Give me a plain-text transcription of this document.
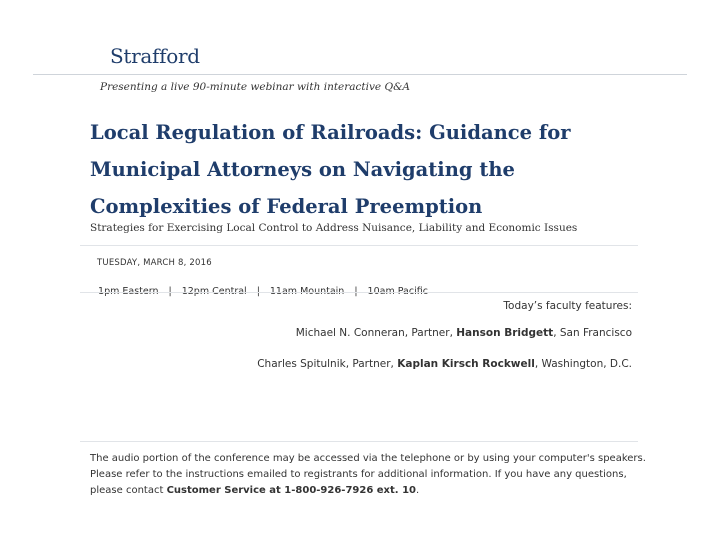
Strafford
Presenting a live 90-minute webinar with interactive Q&A
Local Regulation of Railroads: Guidance for Municipal Attorneys on Navigating the Complexities of Federal Preemption
Strategies for Exercising Local Control to Address Nuisance, Liability and Economic Issues
TUESDAY, MARCH 8, 2016

Today’s faculty features:
Michael N. Conneran, Partner, Hanson Bridgett, San Francisco
Charles Spitulnik, Partner, Kaplan Kirsch Rockwell, Washington, D.C.

The audio portion of the conference may be accessed via the telephone or by using your computer's speakers. Please refer to the instructions emailed to registrants for additional information. If you have any questions, please contact Customer Service at 1-800-926-7926 ext. 10.
